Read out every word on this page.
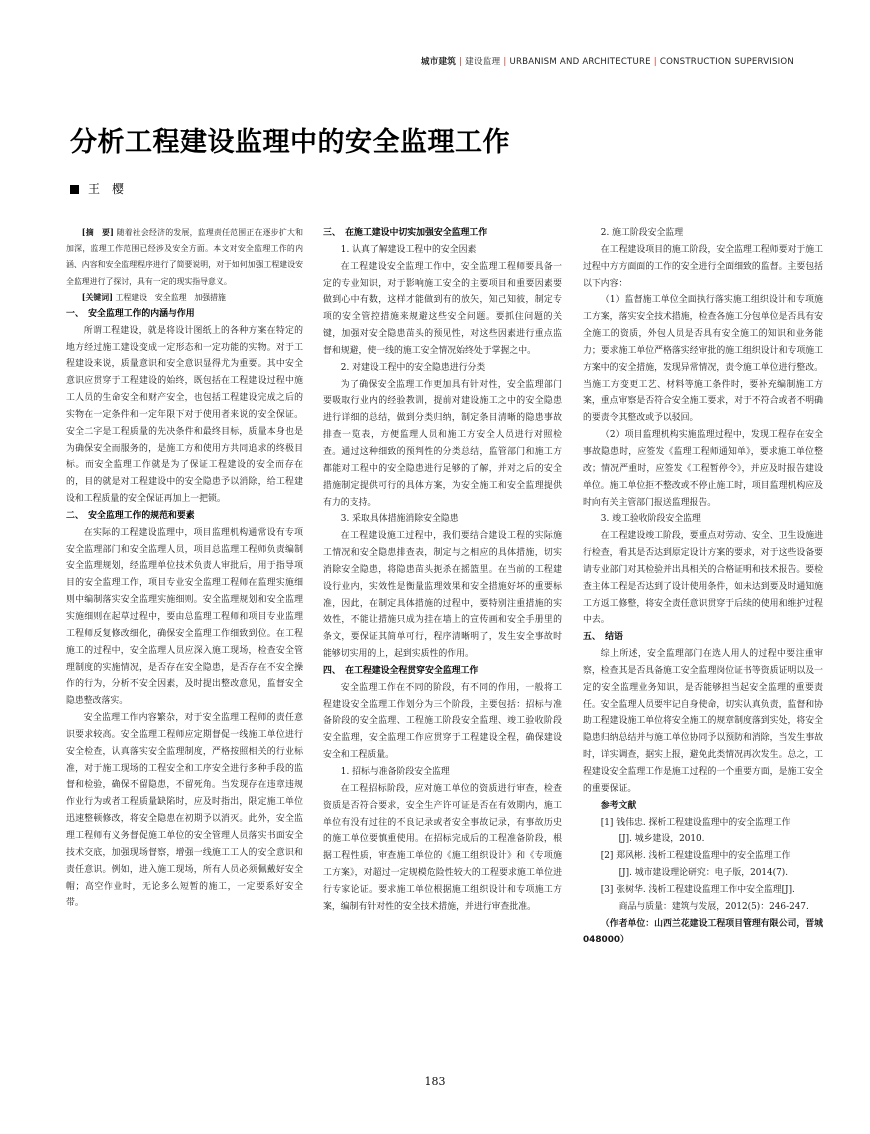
城市建筑 | 建设监理 | URBANISM AND ARCHITECTURE | CONSTRUCTION SUPERVISION
分析工程建设监理中的安全监理工作
王　樱

[摘　要] 随着社会经济的发展，监理责任范围正在逐步扩大和加深，监理工作范围已经涉及安全方面。本文对安全监理工作的内涵、内容和安全监理程序进行了简要说明，对于如何加强工程建设安全监理进行了探讨，具有一定的现实指导意义。

[关键词] 工程建设　安全监理　加强措施

一、　安全监理工作的内涵与作用

所谓工程建设，就是将设计图纸上的各种方案在特定的地方经过施工建设变成一定形态和一定功能的实物。对于工程建设来说，质量意识和安全意识显得尤为重要。其中安全意识应贯穿于工程建设的始终，既包括在工程建设过程中施工人员的生命安全和财产安全，也包括工程建设完成之后的实物在一定条件和一定年限下对于使用者来说的安全保证。安全二字是工程质量的先决条件和最终目标，质量本身也是为确保安全而服务的，是施工方和使用方共同追求的终极目标。而安全监理工作就是为了保证工程建设的安全而存在的，目的就是对工程建设中的安全隐患予以消除，给工程建设和工程质量的安全保证再加上一把锁。

二、　安全监理工作的规范和要素

在实际的工程建设监理中，项目监理机构通常设有专项安全监理部门和安全监理人员，项目总监理工程师负责编制安全监理规划，经监理单位技术负责人审批后，用于指导项目的安全监理工作，项目专业安全监理工程师在监理实施细则中编制落实安全监理实施细则。安全监理规划和安全监理实施细则在起草过程中，要由总监理工程师和项目专业监理工程师反复修改细化，确保安全监理工作细致到位。在工程施工的过程中，安全监理人员应深入施工现场，检查安全管理制度的实施情况，是否存在安全隐患，是否存在不安全操作的行为，分析不安全因素，及时提出整改意见，监督安全隐患整改落实。

安全监理工作内容繁杂，对于安全监理工程师的责任意识要求较高。安全监理工程师应定期督促一线施工单位进行安全检查，认真落实安全监理制度，严格按照相关的行业标准，对于施工现场的工程安全和工序安全进行多种手段的监督和检验，确保不留隐患，不留死角。当发现存在违章违规作业行为或者工程质量缺陷时，应及时指出，限定施工单位迅速整顿修改，将安全隐患在初期予以消灭。此外，安全监理工程师有义务督促施工单位的安全管理人员落实书面安全技术交底，加强现场督察，增强一线施工工人的安全意识和责任意识。例如，进入施工现场，所有人员必须佩戴好安全帽；高空作业时，无论多么短暂的施工，一定要系好安全带。

三、　在施工建设中切实加强安全监理工作

1. 认真了解建设工程中的安全因素

在工程建设安全监理工作中，安全监理工程师要具备一定的专业知识，对于影响施工安全的主要项目和重要因素要做到心中有数，这样才能做到有的放矢，知己知彼，制定专项的安全管控措施来规避这些安全问题。要抓住问题的关键，加强对安全隐患苗头的预见性，对这些因素进行重点监督和规避，使一线的施工安全情况始终处于掌握之中。

2. 对建设工程中的安全隐患进行分类

为了确保安全监理工作更加具有针对性，安全监理部门要吸取行业内的经验教训，提前对建设施工之中的安全隐患进行详细的总结，做到分类归纳，制定条目清晰的隐患事故排查一览表，方便监理人员和施工方安全人员进行对照检查。通过这种细致的预判性的分类总结，监管部门和施工方都能对工程中的安全隐患进行足够的了解，并对之后的安全措施制定提供可行的具体方案，为安全施工和安全监理提供有力的支持。

3. 采取具体措施消除安全隐患

在工程建设施工过程中，我们要结合建设工程的实际施工情况和安全隐患排查表，制定与之相应的具体措施，切实消除安全隐患，将隐患苗头扼杀在摇篮里。在当前的工程建设行业内，实效性是衡量监理效果和安全措施好坏的重要标准，因此，在制定具体措施的过程中，要特别注重措施的实效性，不能让措施只成为挂在墙上的宣传画和安全手册里的条文，要保证其简单可行，程序清晰明了，发生安全事故时能够切实用的上，起到实质性的作用。

四、　在工程建设全程贯穿安全监理工作

安全监理工作在不同的阶段，有不同的作用，一般将工程建设安全监理工作划分为三个阶段，主要包括：招标与准备阶段的安全监理、工程施工阶段安全监理、竣工验收阶段安全监理，安全监理工作应贯穿于工程建设全程，确保建设安全和工程质量。

1. 招标与准备阶段安全监理

在工程招标阶段，应对施工单位的资质进行审查，检查资质是否符合要求，安全生产许可证是否在有效期内，施工单位有没有过往的不良记录或者安全事故记录，有事故历史的施工单位要慎重使用。在招标完成后的工程准备阶段，根据工程性质，审查施工单位的《施工组织设计》和《专项施工方案》，对超过一定规模危险性较大的工程要求施工单位进行专家论证。要求施工单位根据施工组织设计和专项施工方案，编制有针对性的安全技术措施，并进行审查批准。

2. 施工阶段安全监理

在工程建设项目的施工阶段，安全监理工程师要对于施工过程中方方面面的工作的安全进行全面细致的监督。主要包括以下内容：

（1）监督施工单位全面执行落实施工组织设计和专项施工方案，落实安全技术措施，检查各施工分包单位是否具有安全施工的资质，外包人员是否具有安全施工的知识和业务能力；要求施工单位严格落实经审批的施工组织设计和专项施工方案中的安全措施，发现异常情况，责令施工单位进行整改。当施工方变更工艺、材料等施工条件时，要补充编制施工方案，重点审察是否符合安全施工要求，对于不符合或者不明确的要责令其整改或予以驳回。

（2）项目监理机构实施监理过程中，发现工程存在安全事故隐患时，应签发《监理工程师通知单》，要求施工单位整改；情况严重时，应签发《工程暂停令》，并应及时报告建设单位。施工单位拒不整改或不停止施工时，项目监理机构应及时向有关主管部门报送监理报告。

3. 竣工验收阶段安全监理

在工程建设竣工阶段，要重点对劳动、安全、卫生设施进行检查，看其是否达到原定设计方案的要求，对于这些设备要请专业部门对其检验并出具相关的合格证明和技术报告。要检查主体工程是否达到了设计使用条件，如未达到要及时通知施工方返工修整，将安全责任意识贯穿于后续的使用和维护过程中去。

五、　结语

综上所述，安全监理部门在选人用人的过程中要注重审察，检查其是否具备施工安全监理岗位证书等资质证明以及一定的安全监理业务知识，是否能够担当起安全监理的重要责任。安全监理人员要牢记自身使命，切实认真负责，监督和协助工程建设施工单位将安全施工的规章制度落到实处，将安全隐患归纳总结并与施工单位协同予以预防和消除，当发生事故时，详实调查，据实上报，避免此类情况再次发生。总之，工程建设安全监理工作是施工过程的一个重要方面，是施工安全的重要保证。

参考文献

[1] 钱伟忠. 探析工程建设监理中的安全监理工作

[J]. 城乡建设，2010.

[2] 郑风彬. 浅析工程建设监理中的安全监理工作

[J]. 城市建设理论研究：电子版，2014(7).

[3] 张树华. 浅析工程建设监理工作中安全监理[J].

商品与质量：建筑与发展，2012(5)：246-247.

（作者单位：山西兰花建设工程项目管理有限公司，晋城　048000）

183
